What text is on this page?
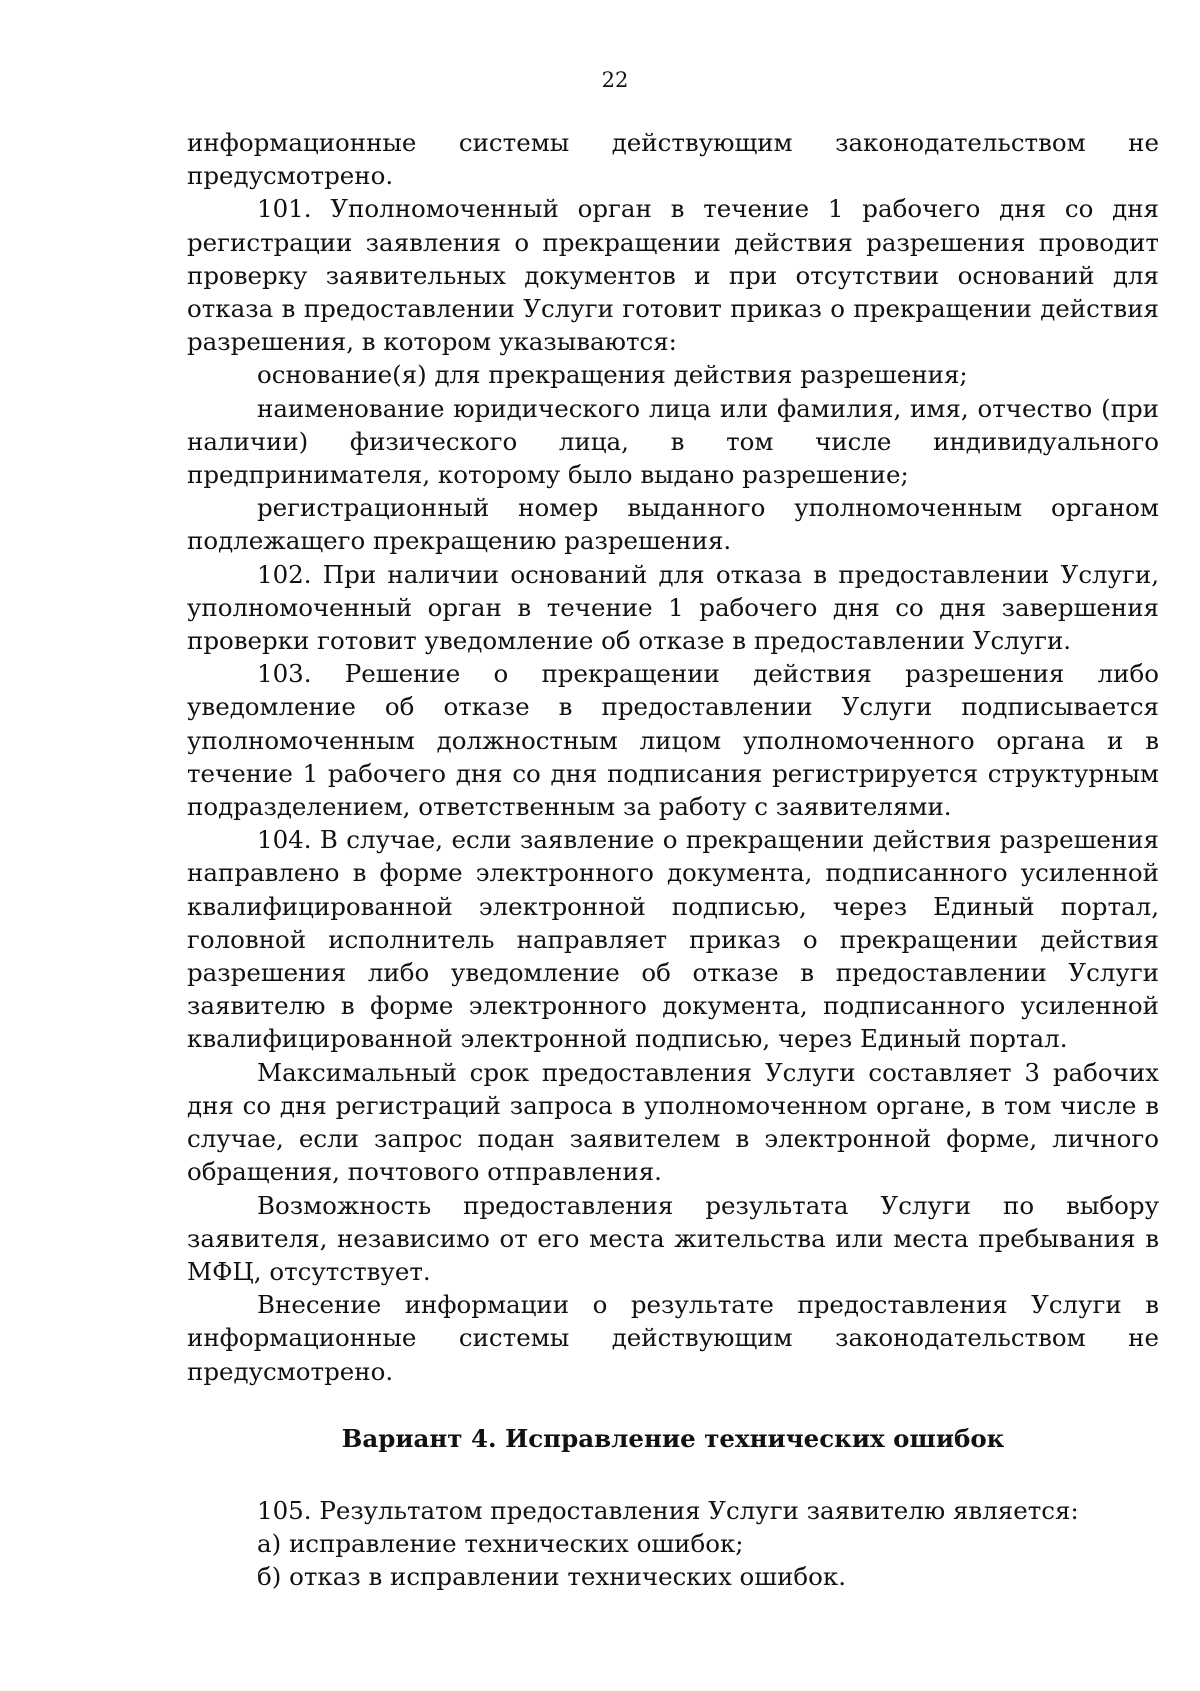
22

информационные системы действующим законодательством не предусмотрено.

101. Уполномоченный орган в течение 1 рабочего дня со дня регистрации заявления о прекращении действия разрешения проводит проверку заявительных документов и при отсутствии оснований для отказа в предоставлении Услуги готовит приказ о прекращении действия разрешения, в котором указываются:

основание(я) для прекращения действия разрешения;

наименование юридического лица или фамилия, имя, отчество (при наличии) физического лица, в том числе индивидуального предпринимателя, которому было выдано разрешение;

регистрационный номер выданного уполномоченным органом подлежащего прекращению разрешения.

102. При наличии оснований для отказа в предоставлении Услуги, уполномоченный орган в течение 1 рабочего дня со дня завершения проверки готовит уведомление об отказе в предоставлении Услуги.

103. Решение о прекращении действия разрешения либо уведомление об отказе в предоставлении Услуги подписывается уполномоченным должностным лицом уполномоченного органа и в течение 1 рабочего дня со дня подписания регистрируется структурным подразделением, ответственным за работу с заявителями.

104. В случае, если заявление о прекращении действия разрешения направлено в форме электронного документа, подписанного усиленной квалифицированной электронной подписью, через Единый портал, головной исполнитель направляет приказ о прекращении действия разрешения либо уведомление об отказе в предоставлении Услуги заявителю в форме электронного документа, подписанного усиленной квалифицированной электронной подписью, через Единый портал.

Максимальный срок предоставления Услуги составляет 3 рабочих дня со дня регистраций запроса в уполномоченном органе, в том числе в случае, если запрос подан заявителем в электронной форме, личного обращения, почтового отправления.

Возможность предоставления результата Услуги по выбору заявителя, независимо от его места жительства или места пребывания в МФЦ, отсутствует.

Внесение информации о результате предоставления Услуги в информационные системы действующим законодательством не предусмотрено.

Вариант 4. Исправление технических ошибок

105. Результатом предоставления Услуги заявителю является:

а) исправление технических ошибок;

б) отказ в исправлении технических ошибок.
